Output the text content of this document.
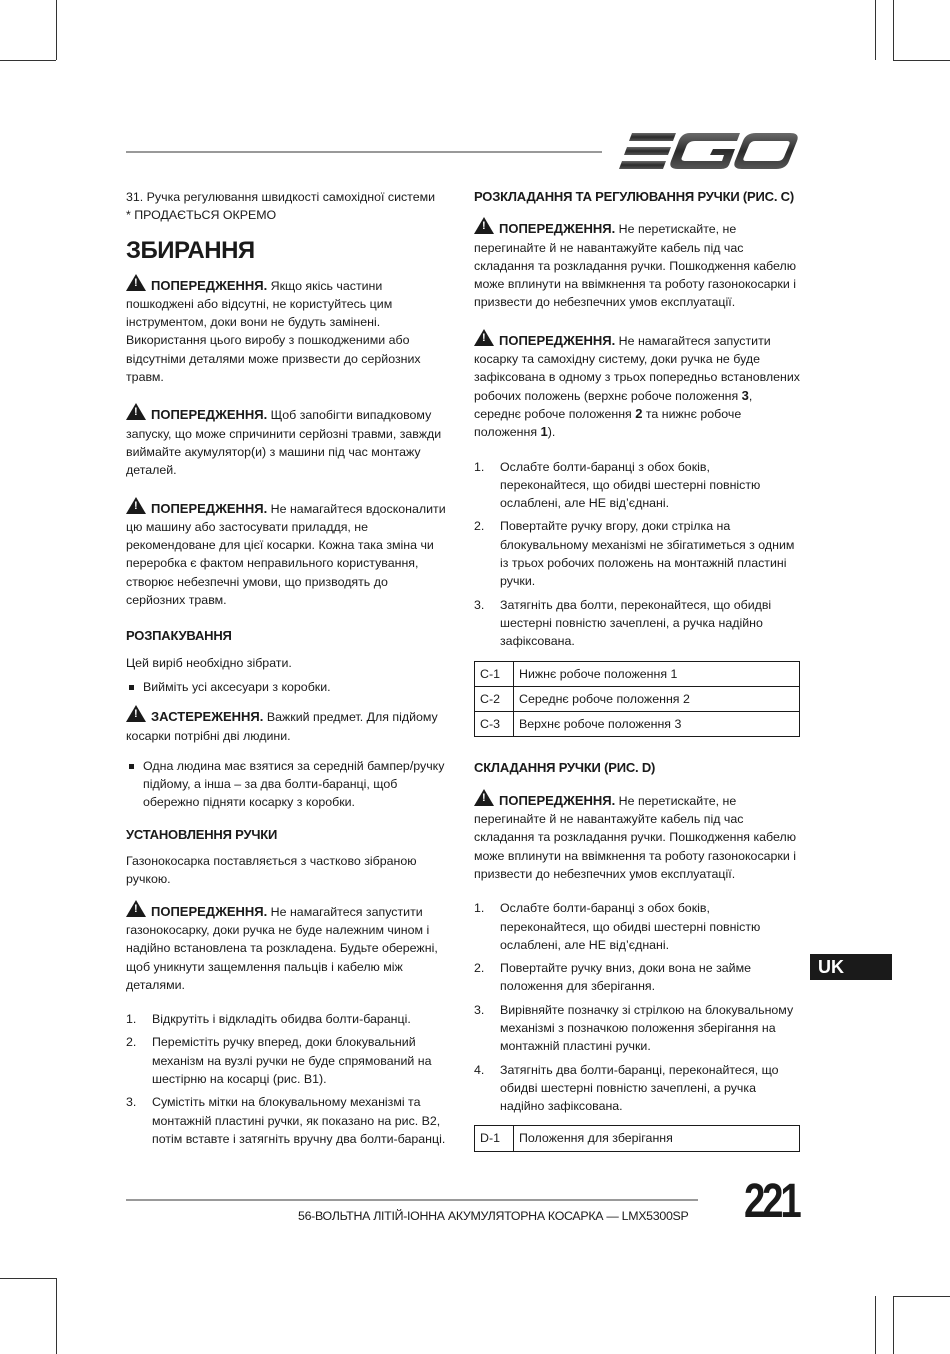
31. Ручка регулювання швидкості самохідної системи

* ПРОДАЄТЬСЯ ОКРЕМО

ЗБИРАННЯ

!ПОПЕРЕДЖЕННЯ. Якщо якісь частини пошкоджені або відсутні, не користуйтесь цим інструментом, доки вони не будуть замінені. Використання цього виробу з пошкодженими або відсутніми деталями може призвести до серйозних травм.

!ПОПЕРЕДЖЕННЯ. Щоб запобігти випадковому запуску, що може спричинити серйозні травми, завжди виймайте акумулятор(и) з машини під час монтажу деталей.

!ПОПЕРЕДЖЕННЯ. Не намагайтеся вдосконалити цю машину або застосувати приладдя, не рекомендоване для цієї косарки. Кожна така зміна чи переробка є фактом неправильного користування, створює небезпечні умови, що призводять до серйозних травм.

РОЗПАКУВАННЯ

Цей виріб необхідно зібрати.

Вийміть усі аксесуари з коробки.

!ЗАСТЕРЕЖЕННЯ. Важкий предмет. Для підйому косарки потрібні дві людини.

Одна людина має взятися за середній бампер/ручку підйому, а інша – за два болти-баранці, щоб обережно підняти косарку з коробки.
УСТАНОВЛЕННЯ РУЧКИ

Газонокосарка поставляється з частково зібраною ручкою.

!ПОПЕРЕДЖЕННЯ. Не намагайтеся запустити газонокосарку, доки ручка не буде належним чином і надійно встановлена та розкладена. Будьте обережні, щоб уникнути защемлення пальців і кабелю між деталями.

1. Відкрутіть і відкладіть обидва болти-баранці.
2. Перемістіть ручку вперед, доки блокувальний механізм на вузлі ручки не буде спрямований на шестірню на косарці (рис. B1).
3. Сумістіть мітки на блокувальному механізмі та монтажній пластині ручки, як показано на рис. B2, потім вставте і затягніть вручну два болти-баранці.
РОЗКЛАДАННЯ ТА РЕГУЛЮВАННЯ РУЧКИ (РИС. C)

!ПОПЕРЕДЖЕННЯ. Не перетискайте, не перегинайте й не навантажуйте кабель під час складання та розкладання ручки. Пошкодження кабелю може вплинути на ввімкнення та роботу газонокосарки і призвести до небезпечних умов експлуатації.

!ПОПЕРЕДЖЕННЯ. Не намагайтеся запустити косарку та самохідну систему, доки ручка не буде зафіксована в одному з трьох попередньо встановлених робочих положень (верхнє робоче положення 3, середнє робоче положення 2 та нижнє робоче положення 1).

1. Ослабте болти-баранці з обох боків, переконайтеся, що обидві шестерні повністю ослаблені, але НЕ від’єднані.
2. Повертайте ручку вгору, доки стрілка на блокувальному механізмі не збігатиметься з одним із трьох робочих положень на монтажній пластині ручки.
3. Затягніть два болти, переконайтеся, що обидві шестерні повністю зачеплені, а ручка надійно зафіксована.
C-1	Нижнє робоче положення 1
C-2	Середнє робоче положення 2
C-3	Верхнє робоче положення 3
СКЛАДАННЯ РУЧКИ (РИС. D)

!ПОПЕРЕДЖЕННЯ. Не перетискайте, не перегинайте й не навантажуйте кабель під час складання та розкладання ручки. Пошкодження кабелю може вплинути на ввімкнення та роботу газонокосарки і призвести до небезпечних умов експлуатації.

1. Ослабте болти-баранці з обох боків, переконайтеся, що обидві шестерні повністю ослаблені, але НЕ від’єднані.
2. Повертайте ручку вниз, доки вона не займе положення для зберігання.
3. Вирівняйте позначку зі стрілкою на блокувальному механізмі з позначкою положення зберігання на монтажній пластині ручки.
4. Затягніть два болти-баранці, переконайтеся, що обидві шестерні повністю зачеплені, а ручка надійно зафіксована.
D-1	Положення для зберігання
UK
56-ВОЛЬТНА ЛІТІЙ-ІОННА АКУМУЛЯТОРНА КОСАРКА — LMX5300SP 221
